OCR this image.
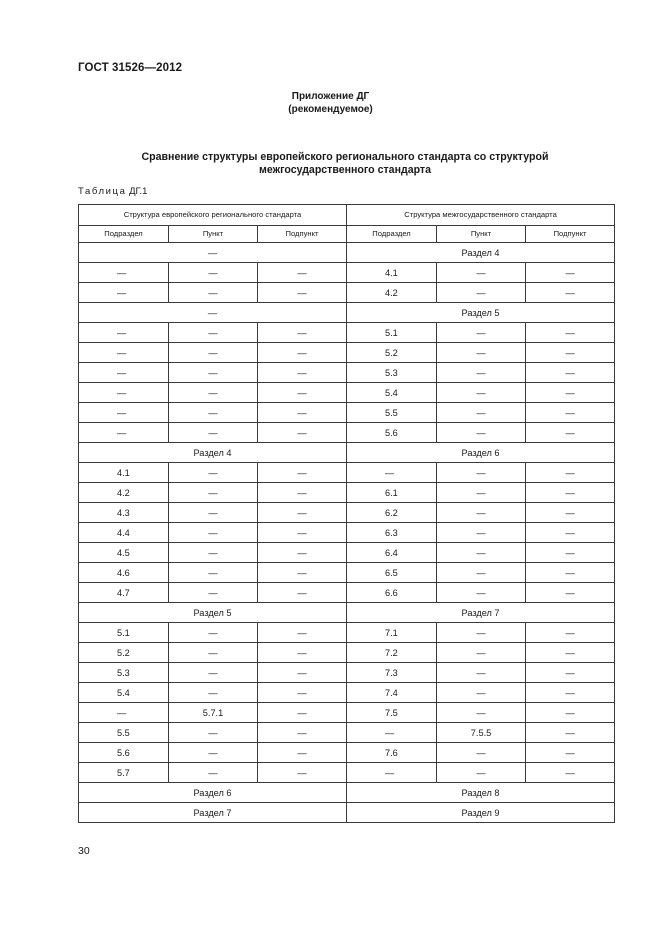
ГОСТ 31526—2012
Приложение ДГ
(рекомендуемое)
Сравнение структуры европейского регионального стандарта со структурой
межгосударственного стандарта
Таблица ДГ.1
Структура европейского регионального стандарта			Структура межгосударственного стандарта		
Подраздел	Пункт	Подпункт	Подраздел	Пункт	Подпункт
—			Раздел 4		
—	—	—	4.1	—	—
—	—	—	4.2	—	—
—			Раздел 5		
—	—	—	5.1	—	—
—	—	—	5.2	—	—
—	—	—	5.3	—	—
—	—	—	5.4	—	—
—	—	—	5.5	—	—
—	—	—	5.6	—	—
Раздел 4			Раздел 6		
4.1	—	—	—	—	—
4.2	—	—	6.1	—	—
4.3	—	—	6.2	—	—
4.4	—	—	6.3	—	—
4.5	—	—	6.4	—	—
4.6	—	—	6.5	—	—
4.7	—	—	6.6	—	—
Раздел 5			Раздел 7		
5.1	—	—	7.1	—	—
5.2	—	—	7.2	—	—
5.3	—	—	7.3	—	—
5.4	—	—	7.4	—	—
—	5.7.1	—	7.5	—	—
5.5	—	—	—	7.5.5	—
5.6	—	—	7.6	—	—
5.7	—	—	—	—	—
Раздел 6			Раздел 8		
Раздел 7			Раздел 9		
30
